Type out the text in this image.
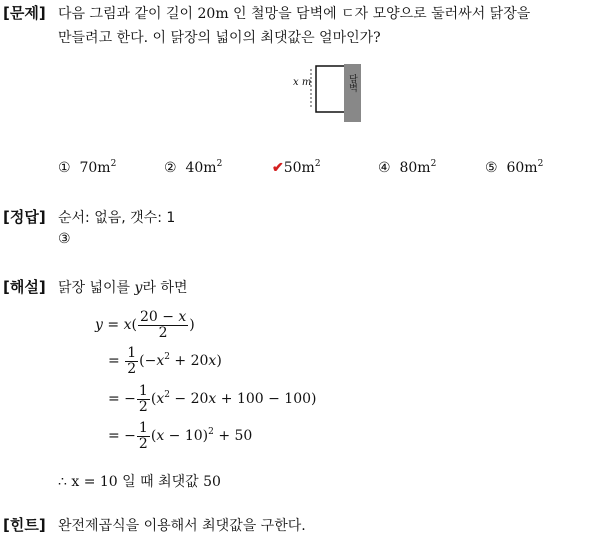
[문제] 다음 그림과 같이 길이 20m 인 철망을 담벽에 ㄷ자 모양으로 둘러싸서 닭장을
만들려고 한다. 이 닭장의 넓이의 최댓값은 얼마인가?
x m	담벽
① $70m^2$	② $40m^2$	$✔50m^2$	④ $80m^2$	⑤ $60m^2$
[정답] 순서: 없음, 갯수: 1
③
[해설] 닭장 넓이를 y라 하면
$y = x( \frac{20 - x}{2}$ )
= $\frac{1}{2} (-x^2 + 20x)$
= − $\frac{1}{2} (x^2 - 20x + 100 - 100)$
= − $\frac{1}{2} (x - 10)^2 + 50$
∴ x = 10 일 때 최댓값 50
[힌트] 완전제곱식을 이용해서 최댓값을 구한다.
